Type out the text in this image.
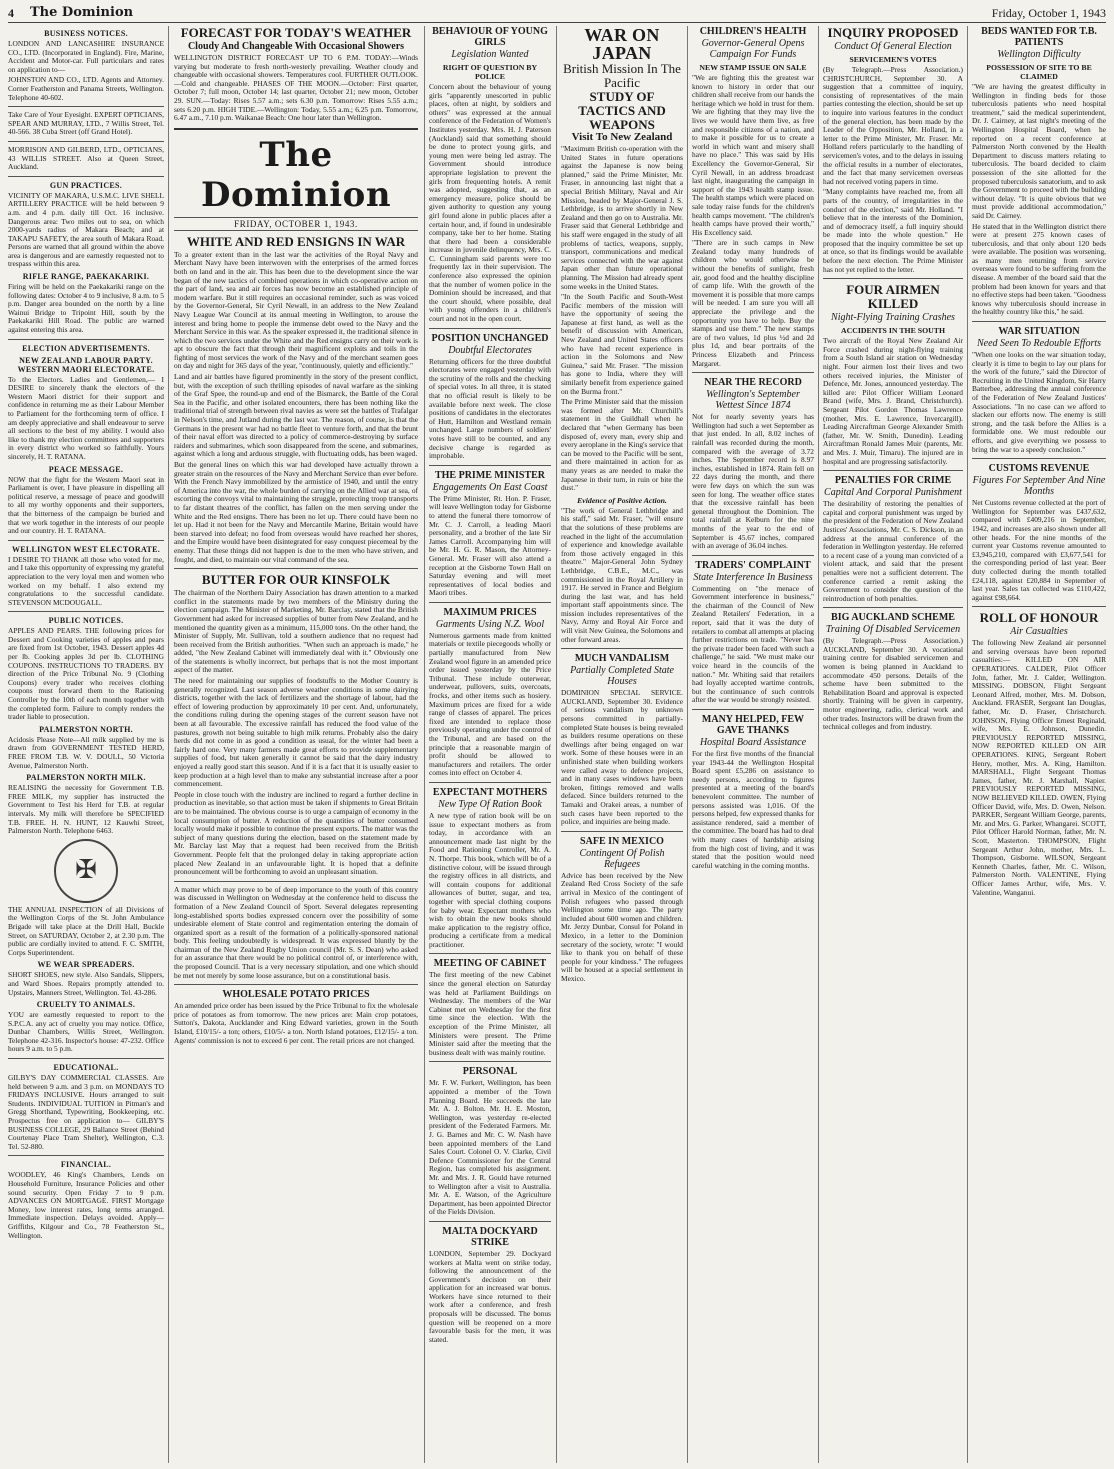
4 The Dominion	Friday, October 1, 1943
BUSINESS NOTICES.

LONDON AND LANCASHIRE INSURANCE CO., LTD. (Incorporated in England). Fire, Marine, Accident and Motor-car. Full particulars and rates on application to—

JOHNSTON AND CO., LTD. Agents and Attorney. Corner Featherston and Panama Streets, Wellington. Telephone 40-602.

Take Care of Your Eyesight. EXPERT OPTICIANS, SPEAR AND MURRAY, LTD., 7 Willis Street, Tel. 40-566. 38 Cuba Street (off Grand Hotel).

MORRISON AND GILBERD, LTD., OPTICIANS, 43 WILLIS STREET. Also at Queen Street, Auckland.

GUN PRACTICES.

VICINITY OF MAKARA, U.S.M.C. LIVE SHELL ARTILLERY PRACTICE will be held between 9 a.m. and 4 p.m. daily till Oct. 16 inclusive. Dangerous area: Two miles out to sea, on which 2000-yards radius of Makara Beach; and at TAKAPU SAFETY, the area south of Makara Road. Persons are warned that all ground within the above area is dangerous and are earnestly requested not to trespass within this area.

RIFLE RANGE, PAEKAKARIKI.

Firing will be held on the Paekakariki range on the following dates: October 4 to 9 inclusive, 8 a.m. to 5 p.m. Danger area bounded on the north by a line Wainui Bridge to Tripoint Hill, south by the Paekakariki Hill Road. The public are warned against entering this area.

ELECTION ADVERTISEMENTS.
NEW ZEALAND LABOUR PARTY. WESTERN MAORI ELECTORATE.

To the Electors. Ladies and Gentlemen,— I DESIRE to sincerely thank the electors of the Western Maori district for their support and confidence in returning me as their Labour Member to Parliament for the forthcoming term of office. I am deeply appreciative and shall endeavour to serve all sections to the best of my ability. I would also like to thank my election committees and supporters in every district who worked so faithfully. Yours sincerely, H. T. RATANA.

PEACE MESSAGE.

NOW that the fight for the Western Maori seat in Parliament is over, I have pleasure in dispelling all political reserve, a message of peace and goodwill to all my worthy opponents and their supporters, that the bitterness of the campaign be buried and that we work together in the interests of our people and our country. H. T. RATANA.

WELLINGTON WEST ELECTORATE.

I DESIRE TO THANK all those who voted for me, and I take this opportunity of expressing my grateful appreciation to the very loyal men and women who worked on my behalf. I also extend my congratulations to the successful candidate. STEVENSON MCDOUGALL.

PUBLIC NOTICES.

APPLES AND PEARS. THE following prices for Dessert and Cooking varieties of apples and pears are fixed from 1st October, 1943. Dessert apples 4d per lb. Cooking apples 3d per lb. CLOTHING COUPONS. INSTRUCTIONS TO TRADERS. BY direction of the Price Tribunal No. 9 (Clothing Coupons) every trader who receives clothing coupons must forward them to the Rationing Controller by the 10th of each month together with the completed form. Failure to comply renders the trader liable to prosecution.

PALMERSTON NORTH.

Acidosis Please Note—All milk supplied by me is drawn from GOVERNMENT TESTED HERD, FREE FROM T.B. W. V. DOULL, 50 Victoria Avenue, Palmerston North.

PALMERSTON NORTH MILK.

REALISING the necessity for Government T.B. FREE MILK, my supplier has instructed the Government to Test his Herd for T.B. at regular intervals. My milk will therefore be SPECIFIED T.B. FREE. H. N. HUNT, 12 Kauwhi Street, Palmerston North. Telephone 6463.

✠

THE ANNUAL INSPECTION of all Divisions of the Wellington Corps of the St. John Ambulance Brigade will take place at the Drill Hall, Buckle Street, on SATURDAY, October 2, at 2.30 p.m. The public are cordially invited to attend. F. C. SMITH, Corps Superintendent.

WE WEAR SPREADERS.

SHORT SHOES, new style. Also Sandals, Slippers, and Ward Shoes. Repairs promptly attended to. Upstairs, Manners Street, Wellington. Tel. 43-286.

CRUELTY TO ANIMALS.

YOU are earnestly requested to report to the S.P.C.A. any act of cruelty you may notice. Office, Dunbar Chambers, Willis Street, Wellington. Telephone 42-316. Inspector's house: 47-232. Office hours 9 a.m. to 5 p.m.

EDUCATIONAL.

GILBY'S DAY COMMERCIAL CLASSES. Are held between 9 a.m. and 3 p.m. on MONDAYS TO FRIDAYS INCLUSIVE. Hours arranged to suit Students. INDIVIDUAL TUITION in Pitman's and Gregg Shorthand, Typewriting, Bookkeeping, etc. Prospectus free on application to— GILBY'S BUSINESS COLLEGE, 29 Ballance Street (Behind Courtenay Place Tram Shelter), Wellington, C.3. Tel. 52-880.

FINANCIAL.

WOODLEY, 46 King's Chambers, Lends on Household Furniture, Insurance Policies and other sound security. Open Friday 7 to 9 p.m. ADVANCES ON MORTGAGE. FIRST Mortgage Money, low interest rates, long terms arranged. Immediate inspection. Delays avoided. Apply—Griffiths, Kilgour and Co., 78 Featherston St., Wellington.

FORECAST FOR TODAY'S WEATHER
Cloudy And Changeable With Occasional Showers

WELLINGTON DISTRICT FORECAST UP TO 6 P.M. TODAY:—Winds varying but moderate to fresh north-westerly prevailing. Weather cloudy and changeable with occasional showers. Temperatures cool. FURTHER OUTLOOK.—Cold and changeable. PHASES OF THE MOON.—October: First quarter, October 7; full moon, October 14; last quarter, October 21; new moon, October 29. SUN.—Today: Rises 5.57 a.m.; sets 6.30 p.m. Tomorrow: Rises 5.55 a.m.; sets 6.20 p.m. HIGH TIDE.—Wellington: Today, 5.55 a.m.; 6.25 p.m. Tomorrow, 6.47 a.m., 7.10 p.m. Waikanae Beach: One hour later than Wellington.

The Dominion
FRIDAY, OCTOBER 1, 1943.
WHITE AND RED ENSIGNS IN WAR

To a greater extent than in the last war the activities of the Royal Navy and Merchant Navy have been interwoven with the enterprises of the armed forces both on land and in the air. This has been due to the development since the war began of the new tactics of combined operations in which co-operative action on the part of land, sea and air forces has now become an established principle of modern warfare. But it still requires an occasional reminder, such as was voiced by the Governor-General, Sir Cyril Newall, in an address to the New Zealand Navy League War Council at its annual meeting in Wellington, to arouse the interest and bring home to people the immense debt owed to the Navy and the Merchant Service in this war. As the speaker expressed it, the traditional silence in which the two services under the White and the Red ensigns carry on their work is apt to obscure the fact that through their magnificent exploits and toils in the fighting of most services the work of the Navy and of the merchant seamen goes on day and night for 365 days of the year, "continuously, quietly and efficiently."

Land and air battles have figured prominently in the story of the present conflict, but, with the exception of such thrilling episodes of naval warfare as the sinking of the Graf Spee, the round-up and end of the Bismarck, the Battle of the Coral Sea in the Pacific, and other isolated encounters, there has been nothing like the traditional trial of strength between rival navies as were set the battles of Trafalgar in Nelson's time, and Jutland during the last war. The reason, of course, is that the Germans in the present war had no battle fleet to venture forth, and that the brunt of their naval effort was directed to a policy of commerce-destroying by surface raiders and submarines, which soon disappeared from the scene, and submarines, against which a long and arduous struggle, with fluctuating odds, has been waged.

But the general lines on which this war had developed have actually thrown a greater strain on the resources of the Navy and Merchant Service than ever before. With the French Navy immobilized by the armistice of 1940, and until the entry of America into the war, the whole burden of carrying on the Allied war at sea, of escorting the convoys vital to maintaining the struggle, protecting troop transports to far distant theatres of the conflict, has fallen on the men serving under the White and the Red ensigns. There has been no let up. There could have been no let up. Had it not been for the Navy and Mercantile Marine, Britain would have been starved into defeat; no food from overseas would have reached her shores, and the Empire would have been disintegrated for easy conquest piecemeal by the enemy. That these things did not happen is due to the men who have striven, and fought, and died, to maintain our vital command of the sea.

BUTTER FOR OUR KINSFOLK

The chairman of the Northern Dairy Association has drawn attention to a marked conflict in the statements made by two members of the Ministry during the election campaign. The Minister of Marketing, Mr. Barclay, stated that the British Government had asked for increased supplies of butter from New Zealand, and he mentioned the quantity given as a minimum, 115,000 tons. On the other hand, the Minister of Supply, Mr. Sullivan, told a southern audience that no request had been received from the British authorities. "When such an approach is made," he added, "the New Zealand Cabinet will immediately deal with it." Obviously one of the statements is wholly incorrect, but perhaps that is not the most important aspect of the matter.

The need for maintaining our supplies of foodstuffs to the Mother Country is generally recognized. Last season adverse weather conditions in some dairying districts, together with the lack of fertilizers and the shortage of labour, had the effect of lowering production by approximately 10 per cent. And, unfortunately, the conditions ruling during the opening stages of the current season have not been at all favourable. The excessive rainfall has reduced the food value of the pastures, growth not being suitable to high milk returns. Probably also the dairy herds did not come in as good a condition as usual, for the winter had been a fairly hard one. Very many farmers made great efforts to provide supplementary supplies of food, but taken generally it cannot be said that the dairy industry enjoyed a really good start this season. And if it is a fact that it is usually easier to keep production at a high level than to make any substantial increase after a poor commencement.

People in close touch with the industry are inclined to regard a further decline in production as inevitable, so that action must be taken if shipments to Great Britain are to be maintained. The obvious course is to urge a campaign of economy in the local consumption of butter. A reduction of the quantities of butter consumed locally would make it possible to continue the present exports. The matter was the subject of many questions during the election, based on the statement made by Mr. Barclay last May that a request had been received from the British Government. People felt that the prolonged delay in taking appropriate action placed New Zealand in an unfavourable light. It is hoped that a definite pronouncement will be forthcoming to avoid an unpleasant situation.

A matter which may prove to be of deep importance to the youth of this country was discussed in Wellington on Wednesday at the conference held to discuss the formation of a New Zealand Council of Sport. Several delegates representing long-established sports bodies expressed concern over the possibility of some undesirable element of State control and regimentation entering the domain of organized sport as a result of the formation of a politically-sponsored national body. This feeling undoubtedly is widespread. It was expressed bluntly by the chairman of the New Zealand Rugby Union council (Mr. S. S. Dean) who asked for an assurance that there would be no political control of, or interference with, the proposed Council. That is a very necessary stipulation, and one which should be met not merely by some loose assurance, but on a constitutional basis.

WHOLESALE POTATO PRICES

An amended price order has been issued by the Price Tribunal to fix the wholesale price of potatoes as from tomorrow. The new prices are: Main crop potatoes, Sutton's, Dakota, Aucklander and King Edward varieties, grown in the South Island, £10/15/- a ton; others, £10/5/- a ton. North Island potatoes, £12/15/- a ton. Agents' commission is not to exceed 6 per cent. The retail prices are not changed.

BEHAVIOUR OF YOUNG GIRLS
Legislation Wanted
RIGHT OF QUESTION BY POLICE

Concern about the behaviour of young girls "apparently unescorted in public places, often at night, by soldiers and others" was expressed at the annual conference of the Federation of Women's Institutes yesterday. Mrs. H. J. Paterson (Auckland) said that something should be done to protect young girls, and young men were being led astray. The Government should introduce appropriate legislation to prevent the girls from frequenting hotels. A remit was adopted, suggesting that, as an emergency measure, police should be given authority to question any young girl found alone in public places after a certain hour, and, if found in undesirable company, take her to her home. Stating that there had been a considerable increase in juvenile delinquency, Mrs. C. C. Cunningham said parents were too frequently lax in their supervision. The conference also expressed the opinion that the number of women police in the Dominion should be increased, and that the court should, where possible, deal with young offenders in a children's court and not in the open court.

POSITION UNCHANGED
Doubtful Electorates

Returning officers for the three doubtful electorates were engaged yesterday with the scrutiny of the rolls and the checking of special votes. In all three, it is stated that no official result is likely to be available before next week. The close positions of candidates in the electorates of Hutt, Hamilton and Westland remain unchanged. Large numbers of soldiers' votes have still to be counted, and any decisive change is regarded as improbable.

THE PRIME MINISTER
Engagements On East Coast

The Prime Minister, Rt. Hon. P. Fraser, will leave Wellington today for Gisborne to attend the funeral there tomorrow of Mr. C. J. Carroll, a leading Maori personality, and a brother of the late Sir James Carroll. Accompanying him will be Mr. H. G. R. Mason, the Attorney-General. Mr. Fraser will also attend a reception at the Gisborne Town Hall on Saturday evening and will meet representatives of local bodies and Maori tribes.

MAXIMUM PRICES
Garments Using N.Z. Wool

Numerous garments made from knitted materials or textile piecegoods wholly or partially manufactured from New Zealand wool figure in an amended price order issued yesterday by the Price Tribunal. These include outerwear, underwear, pullovers, suits, overcoats, frocks, and other items such as hosiery. Maximum prices are fixed for a wide range of classes of apparel. The prices fixed are intended to replace those previously operating under the control of the Tribunal, and are based on the principle that a reasonable margin of profit should be allowed to manufacturers and retailers. The order comes into effect on October 4.

EXPECTANT MOTHERS
New Type Of Ration Book

A new type of ration book will be on issue to expectant mothers as from today, in accordance with an announcement made last night by the Food and Rationing Controller, Mr. A. N. Thorpe. This book, which will be of a distinctive colour, will be issued through the registry offices in all districts, and will contain coupons for additional allowances of butter, sugar, and tea, together with special clothing coupons for baby wear. Expectant mothers who wish to obtain the new books should make application to the registry office, producing a certificate from a medical practitioner.

MEETING OF CABINET

The first meeting of the new Cabinet since the general election on Saturday was held at Parliament Buildings on Wednesday. The members of the War Cabinet met on Wednesday for the first time since the election. With the exception of the Prime Minister, all Ministers were present. The Prime Minister said after the meeting that the business dealt with was mainly routine.

PERSONAL

Mr. F. W. Furkert, Wellington, has been appointed a member of the Town Planning Board. He succeeds the late Mr. A. J. Bolton. Mr. H. E. Moston, Wellington, was yesterday re-elected president of the Federated Farmers. Mr. J. G. Barnes and Mr. C. W. Nash have been appointed members of the Land Sales Court. Colonel O. V. Clarke, Civil Defence Commissioner for the Central Region, has completed his assignment. Mr. and Mrs. J. R. Gould have returned to Wellington after a visit to Australia. Mr. A. E. Watson, of the Agriculture Department, has been appointed Director of the Fields Division.

MALTA DOCKYARD STRIKE

LONDON, September 29. Dockyard workers at Malta went on strike today, following the announcement of the Government's decision on their application for an increased war bonus. Workers have since returned to their work after a conference, and fresh proposals will be discussed. The bonus question will be reopened on a more favourable basis for the men, it was stated.

WAR ON JAPAN
British Mission In The Pacific
STUDY OF TACTICS AND WEAPONS
Visit To New Zealand

"Maximum British co-operation with the United States in future operations against the Japanese is now being planned," said the Prime Minister, Mr. Fraser, in announcing last night that a special British Military, Naval and Air Mission, headed by Major-General J. S. Lethbridge, is to arrive shortly in New Zealand and then go on to Australia. Mr. Fraser said that General Lethbridge and his staff were engaged in the study of all problems of tactics, weapons, supply, transport, communications and medical services connected with the war against Japan other than future operational planning. The Mission had already spent some weeks in the United States.

"In the South Pacific and South-West Pacific members of the mission will have the opportunity of seeing the Japanese at first hand, as well as the benefit of discussion with American, New Zealand and United States officers who have had recent experience in action in the Solomons and New Guinea," said Mr. Fraser. "The mission has gone to India, where they will similarly benefit from experience gained on the Burma front."

The Prime Minister said that the mission was formed after Mr. Churchill's statement in the Guildhall when he declared that "when Germany has been disposed of, every man, every ship and every aeroplane in the King's service that can be moved to the Pacific will be sent, and there maintained in action for as many years as are needed to make the Japanese in their turn, in ruin or bite the dust."

Evidence of Positive Action.

"The work of General Lethbridge and his staff," said Mr. Fraser, "will ensure that the solutions of these problems are reached in the light of the accumulation of experience and knowledge available from those actively engaged in this theatre." Major-General John Sydney Lethbridge, C.B.E., M.C., was commissioned in the Royal Artillery in 1917. He served in France and Belgium during the last war, and has held important staff appointments since. The mission includes representatives of the Navy, Army and Royal Air Force and will visit New Guinea, the Solomons and other forward areas.

MUCH VANDALISM
Partially Completed State Houses

DOMINION SPECIAL SERVICE. AUCKLAND, September 30. Evidence of serious vandalism by unknown persons committed in partially-completed State houses is being revealed as builders resume operations on these dwellings after being engaged on war work. Some of these houses were in an unfinished state when building workers were called away to defence projects, and in many cases windows have been broken, fittings removed and walls defaced. Since builders returned to the Tamaki and Orakei areas, a number of such cases have been reported to the police, and inquiries are being made.

SAFE IN MEXICO
Contingent Of Polish Refugees

Advice has been received by the New Zealand Red Cross Society of the safe arrival in Mexico of the contingent of Polish refugees who passed through Wellington some time ago. The party included about 600 women and children. Mr. Jerzy Dunbar, Consul for Poland in Mexico, in a letter to the Dominion secretary of the society, wrote: "I would like to thank you on behalf of these people for your kindness." The refugees will be housed at a special settlement in Mexico.

CHILDREN'S HEALTH
Governor-General Opens Campaign For Funds
NEW STAMP ISSUE ON SALE

"We are fighting this the greatest war known to history in order that our children shall receive from our hands the heritage which we hold in trust for them. We are fighting that they may live the lives we would have them live, as free and responsible citizens of a nation, and to make it possible for us to create a world in which want and misery shall have no place." This was said by His Excellency the Governor-General, Sir Cyril Newall, in an address broadcast last night, inaugurating the campaign in support of the 1943 health stamp issue. The health stamps which were placed on sale today raise funds for the children's health camps movement. "The children's health camps have proved their worth," His Excellency said.

"There are in such camps in New Zealand today many hundreds of children who would otherwise be without the benefits of sunlight, fresh air, good food and the healthy discipline of camp life. With the growth of the movement it is possible that more camps will be needed. I am sure you will all appreciate the privilege and the opportunity you have to help. Buy the stamps and use them." The new stamps are of two values, 1d plus ½d and 2d plus 1d, and bear portraits of the Princess Elizabeth and Princess Margaret.

NEAR THE RECORD
Wellington's September Wettest Since 1874

Not for nearly seventy years has Wellington had such a wet September as that just ended. In all, 8.02 inches of rainfall was recorded during the month, compared with the average of 3.72 inches. The September record is 8.97 inches, established in 1874. Rain fell on 22 days during the month, and there were few days on which the sun was seen for long. The weather office states that the excessive rainfall has been general throughout the Dominion. The total rainfall at Kelburn for the nine months of the year to the end of September is 45.67 inches, compared with an average of 36.04 inches.

TRADERS' COMPLAINT
State Interference In Business

Commenting on "the menace of Government interference in business," the chairman of the Council of New Zealand Retailers' Federation, in a report, said that it was the duty of retailers to combat all attempts at placing further restrictions on trade. "Never has the private trader been faced with such a challenge," he said. "We must make our voice heard in the councils of the nation." Mr. Whiting said that retailers had loyally accepted wartime controls, but the continuance of such controls after the war would be strongly resisted.

MANY HELPED, FEW GAVE THANKS
Hospital Board Assistance

For the first five months of the financial year 1943-44 the Wellington Hospital Board spent £5,286 on assistance to needy persons, according to figures presented at a meeting of the board's benevolent committee. The number of persons assisted was 1,016. Of the persons helped, few expressed thanks for assistance rendered, said a member of the committee. The board has had to deal with many cases of hardship arising from the high cost of living, and it was stated that the position would need careful watching in the coming months.

INQUIRY PROPOSED
Conduct Of General Election
SERVICEMEN'S VOTES

(By Telegraph.—Press Association.) CHRISTCHURCH, September 30. A suggestion that a committee of inquiry, consisting of representatives of the main parties contesting the election, should be set up to inquire into various features in the conduct of the general election, has been made by the Leader of the Opposition, Mr. Holland, in a letter to the Prime Minister, Mr. Fraser. Mr. Holland refers particularly to the handling of servicemen's votes, and to the delays in issuing the official results in a number of electorates, and the fact that many servicemen overseas had not received voting papers in time.

"Many complaints have reached me, from all parts of the country, of irregularities in the conduct of the election," said Mr. Holland. "I believe that in the interests of the Dominion, and of democracy itself, a full inquiry should be made into the whole question." He proposed that the inquiry committee be set up at once, so that its findings would be available before the next election. The Prime Minister has not yet replied to the letter.

FOUR AIRMEN KILLED
Night-Flying Training Crashes
ACCIDENTS IN THE SOUTH

Two aircraft of the Royal New Zealand Air Force crashed during night-flying training from a South Island air station on Wednesday night. Four airmen lost their lives and two others received injuries, the Minister of Defence, Mr. Jones, announced yesterday. The killed are: Pilot Officer William Leonard Brand (wife, Mrs. J. Brand, Christchurch). Sergeant Pilot Gordon Thomas Lawrence (mother, Mrs. E. Lawrence, Invercargill). Leading Aircraftman George Alexander Smith (father, Mr. W. Smith, Dunedin). Leading Aircraftman Ronald James Muir (parents, Mr. and Mrs. J. Muir, Timaru). The injured are in hospital and are progressing satisfactorily.

PENALTIES FOR CRIME
Capital And Corporal Punishment

The desirability of restoring the penalties of capital and corporal punishment was urged by the president of the Federation of New Zealand Justices' Associations, Mr. C. S. Dickson, in an address at the annual conference of the federation in Wellington yesterday. He referred to a recent case of a young man convicted of a violent attack, and said that the present penalties were not a sufficient deterrent. The conference carried a remit asking the Government to consider the question of the reintroduction of both penalties.

BIG AUCKLAND SCHEME
Training Of Disabled Servicemen

(By Telegraph.—Press Association.) AUCKLAND, September 30. A vocational training centre for disabled servicemen and women is being planned in Auckland to accommodate 450 persons. Details of the scheme have been submitted to the Rehabilitation Board and approval is expected shortly. Training will be given in carpentry, motor engineering, radio, clerical work and other trades. Instructors will be drawn from the technical colleges and from industry.

BEDS WANTED FOR T.B. PATIENTS
Wellington Difficulty
POSSESSION OF SITE TO BE CLAIMED

"We are having the greatest difficulty in Wellington in finding beds for those tuberculosis patients who need hospital treatment," said the medical superintendent, Dr. J. Cairney, at last night's meeting of the Wellington Hospital Board, when he reported on a recent conference at Palmerston North convened by the Health Department to discuss matters relating to tuberculosis. The board decided to claim possession of the site allotted for the proposed tuberculosis sanatorium, and to ask the Government to proceed with the building without delay. "It is quite obvious that we must provide additional accommodation," said Dr. Cairney.

He stated that in the Wellington district there were at present 275 known cases of tuberculosis, and that only about 120 beds were available. The position was worsening, as many men returning from service overseas were found to be suffering from the disease. A member of the board said that the problem had been known for years and that no effective steps had been taken. "Goodness knows why tuberculosis should increase in the healthy country like this," he said.

WAR SITUATION
Need Seen To Redouble Efforts

"When one looks on the war situation today, clearly it is time to begin to lay our plans for the work of the future," said the Director of Recruiting in the United Kingdom, Sir Harry Batterbee, addressing the annual conference of the Federation of New Zealand Justices' Associations. "In no case can we afford to slacken our efforts now. The enemy is still strong, and the task before the Allies is a formidable one. We must redouble our efforts, and give everything we possess to bring the war to a speedy conclusion."

CUSTOMS REVENUE
Figures For September And Nine Months

Net Customs revenue collected at the port of Wellington for September was £437,632, compared with £409,216 in September, 1942, and increases are also shown under all other heads. For the nine months of the current year Customs revenue amounted to £3,945,210, compared with £3,677,541 for the corresponding period of last year. Beer duty collected during the month totalled £24,118, against £20,884 in September of last year. Sales tax collected was £110,422, against £98,664.

ROLL OF HONOUR
Air Casualties

The following New Zealand air personnel and serving overseas have been reported casualties:— KILLED ON AIR OPERATIONS. CALDER, Pilot Officer John, father, Mr. J. Calder, Wellington. MISSING. DOBSON, Flight Sergeant Leonard Alfred, mother, Mrs. M. Dobson, Auckland. FRASER, Sergeant Ian Douglas, father, Mr. D. Fraser, Christchurch. JOHNSON, Flying Officer Ernest Reginald, wife, Mrs. E. Johnson, Dunedin. PREVIOUSLY REPORTED MISSING, NOW REPORTED KILLED ON AIR OPERATIONS. KING, Sergeant Robert Henry, mother, Mrs. A. King, Hamilton. MARSHALL, Flight Sergeant Thomas James, father, Mr. J. Marshall, Napier. PREVIOUSLY REPORTED MISSING, NOW BELIEVED KILLED. OWEN, Flying Officer David, wife, Mrs. D. Owen, Nelson. PARKER, Sergeant William George, parents, Mr. and Mrs. G. Parker, Whangarei. SCOTT, Pilot Officer Harold Norman, father, Mr. N. Scott, Masterton. THOMPSON, Flight Sergeant Arthur John, mother, Mrs. L. Thompson, Gisborne. WILSON, Sergeant Kenneth Charles, father, Mr. C. Wilson, Palmerston North. VALENTINE, Flying Officer James Arthur, wife, Mrs. V. Valentine, Wanganui.
